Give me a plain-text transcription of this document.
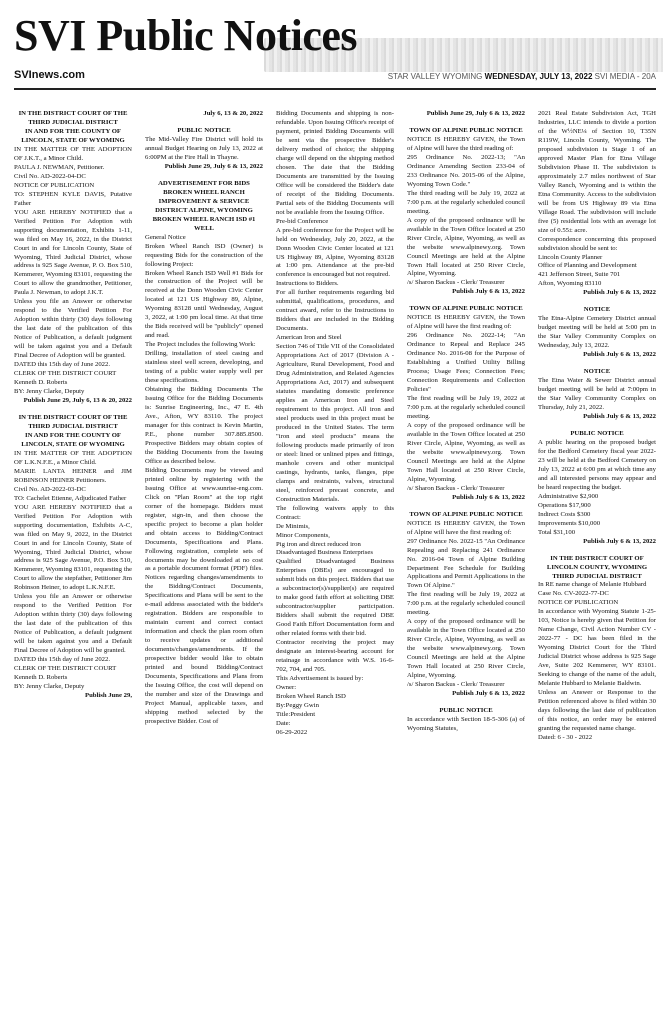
SVI Public Notices
SVInews.com	STAR VALLEY WYOMING WEDNESDAY, JULY 13, 2022 SVI MEDIA - 20A

IN THE DISTRICT COURT OF THE THIRD JUDICIAL DISTRICT

IN AND FOR THE COUNTY OF LINCOLN, STATE OF WYOMING

IN THE MATTER OF THE ADOPTION OF J.K.T., a Minor Child.

PAULA J. NEWMAN, Petitioner.

Civil No. AD-2022-04-DC

NOTICE OF PUBLICATION

TO: STEPHEN KYLE DAVIS, Putative Father

YOU ARE HEREBY NOTIFIED that a Verified Petition For Adoption with supporting documentation, Exhibits 1-11, was filed on May 16, 2022, in the District Court in and for Lincoln County, State of Wyoming, Third Judicial District, whose address is 925 Sage Avenue, P. O. Box 510, Kemmerer, Wyoming 83101, requesting the Court to allow the grandmother, Petitioner, Paula J. Newman, to adopt J.K.T.

Unless you file an Answer or otherwise respond to the Verified Petition For Adoption within thirty (30) days following the last date of the publication of this Notice of Publication, a default judgment will be taken against you and a Default Final Decree of Adoption will be granted.

DATED this 15th day of June 2022.

CLERK OF THE DISTRICT COURT

Kenneth D. Roberts

BY: Jenny Clarke, Deputy

Publish June 29, July 6, 13 & 20, 2022

IN THE DISTRICT COURT OF THE THIRD JUDICIAL DISTRICT

IN AND FOR THE COUNTY OF LINCOLN, STATE OF WYOMING

IN THE MATTER OF THE ADOPTION OF L.K.N.F.E., a Minor Child.

MARIE LANTA HEINER and JIM ROBINSON HEINER Petitioners.

Civil No. AD-2022-03-DC

TO: Cachelet Etienne, Adjudicated Father

YOU ARE HEREBY NOTIFIED that a Verified Petition For Adoption with supporting documentation, Exhibits A-C, was filed on May 9, 2022, in the District Court in and for Lincoln County, State of Wyoming, Third Judicial District, whose address is 925 Sage Avenue, P.O. Box 510, Kemmerer, Wyoming 83101, requesting the Court to allow the stepfather, Petitioner Jim Robinson Heiner, to adopt L.K.N.F.E.

Unless you file an Answer or otherwise respond to the Verified Petition For Adoption within thirty (30) days following the last date of the publication of this Notice of Publication, a default judgment will be taken against you and a Default Final Decree of Adoption will be granted.

DATED this 15th day of June 2022.

CLERK OF THE DISTRICT COURT

Kenneth D. Roberts

BY: Jenny Clarke, Deputy

Publish June 29,

July 6, 13 & 20, 2022

PUBLIC NOTICE

The Mid-Valley Fire District will hold its annual Budget Hearing on July 13, 2022 at 6:00PM at the Fire Hall in Thayne.

Publish June 29, July 6 & 13, 2022

ADVERTISEMENT FOR BIDS BROKEN WHEEL RANCH IMPROVEMENT & SERVICE DISTRICT ALPINE, WYOMING BROKEN WHEEL RANCH ISD #1 WELL

General Notice

Broken Wheel Ranch ISD (Owner) is requesting Bids for the construction of the following Project:

Broken Wheel Ranch ISD Well #1 Bids for the construction of the Project will be received at the Donn Wooden Civic Center located at 121 US Highway 89, Alpine, Wyoming 83128 until Wednesday, August 3, 2022, at 1:00 pm local time. At that time the Bids received will be "publicly" opened and read.

The Project includes the following Work:

Drilling, installation of steel casing and stainless steel well screen, developing, and testing of a public water supply well per these specifications.

Obtaining the Bidding Documents The Issuing Office for the Bidding Documents is: Sunrise Engineering, Inc., 47 E. 4th Ave., Afton, WY 83110. The project manager for this contract is Kevin Martin, P.E., phone number 307.885.8500. Prospective Bidders may obtain copies of the Bidding Documents from the Issuing Office as described below.

Bidding Documents may be viewed and printed online by registering with the Issuing Office at www.sunrise-eng.com. Click on "Plan Room" at the top right corner of the homepage. Bidders must register, sign-in, and then choose the specific project to become a plan holder and obtain access to Bidding/Contract Documents, Specifications and Plans. Following registration, complete sets of documents may be downloaded at no cost as a portable document format (PDF) files. Notices regarding changes/amendments to the Bidding/Contract Documents, Specifications and Plans will be sent to the e-mail address associated with the bidder's registration. Bidders are responsible to maintain current and correct contact information and check the plan room often to receive updates or additional documents/changes/amendments. If the prospective bidder would like to obtain printed and bound Bidding/Contract Documents, Specifications and Plans from the Issuing Office, the cost will depend on the number and size of the Drawings and Project Manual, applicable taxes, and shipping method selected by the prospective Bidder. Cost of

Bidding Documents and shipping is non-refundable. Upon Issuing Office's receipt of payment, printed Bidding Documents will be sent via the prospective Bidder's delivery method of choice; the shipping charge will depend on the shipping method chosen. The date that the Bidding Documents are transmitted by the Issuing Office will be considered the Bidder's date of receipt of the Bidding Documents. Partial sets of the Bidding Documents will not be available from the Issuing Office.

Pre-bid Conference

A pre-bid conference for the Project will be held on Wednesday, July 20, 2022, at the Donn Wooden Civic Center located at 121 US Highway 89, Alpine, Wyoming 83128 at 1:00 pm. Attendance at the pre-bid conference is encouraged but not required.

Instructions to Bidders.

For all further requirements regarding bid submittal, qualifications, procedures, and contract award, refer to the Instructions to Bidders that are included in the Bidding Documents.

American Iron and Steel

Section 746 of Title VII of the Consolidated Appropriations Act of 2017 (Division A - Agriculture, Rural Development, Food and Drug Administration, and Related Agencies Appropriations Act, 2017) and subsequent statutes mandating domestic preference applies an American Iron and Steel requirement to this project. All iron and steel products used in this project must be produced in the United States. The term "iron and steel products" means the following products made primarily of iron or steel: lined or unlined pipes and fittings, manhole covers and other municipal castings, hydrants, tanks, flanges, pipe clamps and restraints, valves, structural steel, reinforced precast concrete, and Construction Materials.

The following waivers apply to this Contract:

De Minimis,

Minor Components,

Pig iron and direct reduced iron

Disadvantaged Business Enterprises

Qualified Disadvantaged Business Enterprises (DBEs) are encouraged to submit bids on this project. Bidders that use a subcontractor(s)/supplier(s) are required to make good faith effort at soliciting DBE subcontractor/supplier participation. Bidders shall submit the required DBE Good Faith Effort Documentation form and other related forms with their bid.

Contractor receiving the project may designate an interest-bearing account for retainage in accordance with W.S. 16-6-702, 704, and 705.

This Advertisement is issued by:

Owner:

Broken Wheel Ranch ISD

By:Peggy Gwin

Title:President

Date:

06-29-2022

Publish June 29, July 6 & 13, 2022

TOWN OF ALPINE PUBLIC NOTICE

NOTICE IS HEREBY GIVEN, the Town of Alpine will have the third reading of:

295 Ordinance No. 2022-13; "An Ordinance Amending Section 233-04 of 233 Ordinance No. 2015-06 of the Alpine, Wyoming Town Code."

The third reading will be July 19, 2022 at 7:00 p.m. at the regularly scheduled council meeting.

A copy of the proposed ordinance will be available in the Town Office located at 250 River Circle, Alpine, Wyoming, as well as the website www.alpinewy.org. Town Council Meetings are held at the Alpine Town Hall located at 250 River Circle, Alpine, Wyoming.

/s/ Sharon Backus - Clerk/ Treasurer

Publish July 6 & 13, 2022

TOWN OF ALPINE PUBLIC NOTICE

NOTICE IS HEREBY GIVEN, the Town of Alpine will have the first reading of:

296 Ordinance No. 2022-14; "An Ordinance to Repeal and Replace 245 Ordinance No. 2016-08 for the Purpose of Establishing a Unified Utility Billing Process; Usage Fees; Connection Fees; Connection Requirements and Collection Policies"

The first reading will be July 19, 2022 at 7:00 p.m. at the regularly scheduled council meeting.

A copy of the proposed ordinance will be available in the Town Office located at 250 River Circle, Alpine, Wyoming, as well as the website www.alpinewy.org. Town Council Meetings are held at the Alpine Town Hall located at 250 River Circle, Alpine, Wyoming.

/s/ Sharon Backus - Clerk/ Treasurer

Publish July 6 & 13, 2022

TOWN OF ALPINE PUBLIC NOTICE

NOTICE IS HEREBY GIVEN, the Town of Alpine will have the first reading of:

297 Ordinance No. 2022-15 "An Ordinance Repealing and Replacing 241 Ordinance No. 2016-04 Town of Alpine Building Department Fee Schedule for Building Applications and Permit Applications in the Town Of Alpine."

The first reading will be July 19, 2022 at 7:00 p.m. at the regularly scheduled council meeting.

A copy of the proposed ordinance will be available in the Town Office located at 250 River Circle, Alpine, Wyoming, as well as the website www.alpinewy.org. Town Council Meetings are held at the Alpine Town Hall located at 250 River Circle, Alpine, Wyoming.

/s/ Sharon Backus - Clerk/ Treasurer

Publish July 6 & 13, 2022

PUBLIC NOTICE

In accordance with Section 18-5-306 (a) of Wyoming Statutes,

2021 Real Estate Subdivision Act, TGH Industries, LLC intends to divide a portion of the W½NE¼ of Section 10, T35N R119W, Lincoln County, Wyoming. The proposed subdivision is Stage 1 of an approved Master Plan for Etna Village Subdivision Phase II. The subdivision is approximately 2.7 miles northwest of Star Valley Ranch, Wyoming and is within the Etna Community. Access to the subdivision will be from US Highway 89 via Etna Village Road. The subdivision will include five (5) residential lots with an average lot size of 0.55± acre.

Correspondence concerning this proposed subdivision should be sent to:

Lincoln County Planner

Office of Planning and Development

421 Jefferson Street, Suite 701

Afton, Wyoming 83110

Publish July 6 & 13, 2022

NOTICE

The Etna-Alpine Cemetery District annual budget meeting will be held at 5:00 pm in the Star Valley Community Complex on Wednesday, July 13, 2022.

Publish July 6 & 13, 2022

NOTICE

The Etna Water & Sewer District annual budget meeting will be held at 7:00pm in the Star Valley Community Complex on Thursday, July 21, 2022.

Publish July 6 & 13, 2022

PUBLIC NOTICE

A public hearing on the proposed budget for the Bedford Cemetery fiscal year 2022-23 will be held at the Bedford Cemetery on July 13, 2022 at 6:00 pm at which time any and all interested persons may appear and be heard respecting the budget.

Administrative $2,900

Operations $17,900

Indirect Costs $300

Improvements $10,000

Total $31,100

Publish July 6 & 13, 2022

IN THE DISTRICT COURT OF LINCOLN COUNTY, WYOMING THIRD JUDICIAL DISTRICT

In RE name change of Melanie Hubbard

Case No. CV-2022-77-DC

NOTICE OF PUBLICATION

In accordance with Wyoming Statute 1-25-103, Notice is hereby given that Petition for Name Change, Civil Action Number CV - 2022-77 - DC has been filed in the Wyoming District Court for the Third Judicial District whose address is 925 Sage Ave, Suite 202 Kemmerer, WY 83101. Seeking to change of the name of the adult, Melanie Hubbard to Melanie Baldwin.

Unless an Answer or Response to the Petition referenced above is filed within 30 days following the last date of publication of this notice, an order may be entered granting the requested name change.

Dated: 6 - 30 - 2022
